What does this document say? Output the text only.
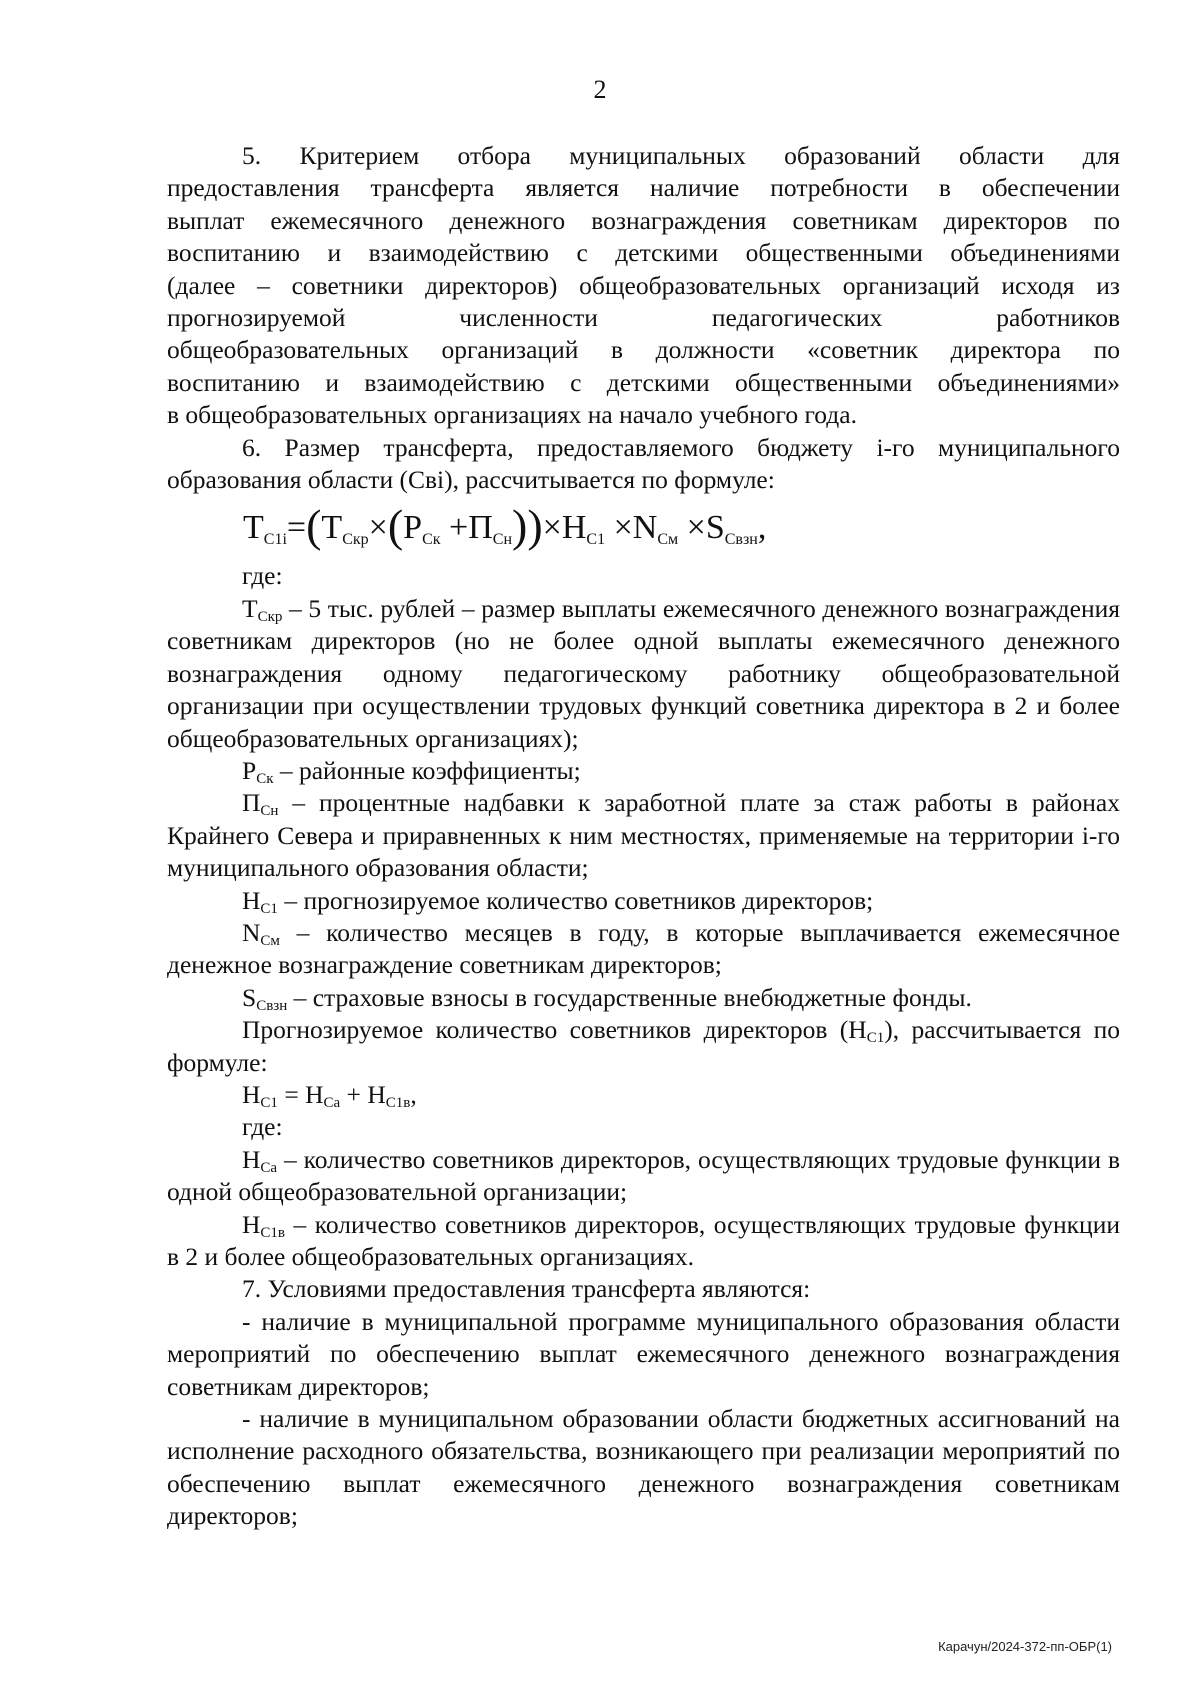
2

5. Критерием отбора муниципальных образований области для

предоставления трансферта является наличие потребности в обеспечении

выплат ежемесячного денежного вознаграждения советникам директоров по

воспитанию и взаимодействию с детскими общественными объединениями

(далее – советники директоров) общеобразовательных организаций исходя из

прогнозируемой численности педагогических работников

общеобразовательных организаций в должности «советник директора по

воспитанию и взаимодействию с детскими общественными объединениями»

в общеобразовательных организациях на начало учебного года.

6. Размер трансферта, предоставляемого бюджету i-го муниципального образования области (Свi), рассчитывается по формуле:

$T_{C1i}=(T_{Скр}\times(P_{Ск} +П_{Сн}))\times H_{C1} \times N_{См} \times S_{Свзн}$,

где:

$Т_{Скр} - 5$ тыс. рублей – размер выплаты ежемесячного денежного вознаграждения советникам директоров (но не более одной выплаты ежемесячного денежного вознаграждения одному педагогическому работнику общеобразовательной организации при осуществлении трудовых функций советника директора в 2 и более общеобразовательных организациях);

$Р_{Ск}$ – районные коэффициенты;

$П_{Сн}$ – процентные надбавки к заработной плате за стаж работы в районах Крайнего Севера и приравненных к ним местностях, применяемые на территории i-го муниципального образования области;

$Н_{С1}$ – прогнозируемое количество советников директоров;

$N_{См}$ – количество месяцев в году, в которые выплачивается ежемесячное денежное вознаграждение советникам директоров;

$S_{Свзн}$ – страховые взносы в государственные внебюджетные фонды.

Прогнозируемое количество советников директоров $(Н_{С1})$, рассчитывается по формуле:

$Н_{С1} = Н_{Са} + Н_{С1в}$,

где:

$Н_{Са}$ – количество советников директоров, осуществляющих трудовые функции в одной общеобразовательной организации;

$Н_{С1в}$ – количество советников директоров, осуществляющих трудовые функции в 2 и более общеобразовательных организациях.

7. Условиями предоставления трансферта являются:

- наличие в муниципальной программе муниципального образования области мероприятий по обеспечению выплат ежемесячного денежного вознаграждения советникам директоров;

- наличие в муниципальном образовании области бюджетных ассигнований на исполнение расходного обязательства, возникающего при реализации мероприятий по обеспечению выплат ежемесячного денежного вознаграждения советникам директоров;

Карачун/2024-372-пп-ОБР(1)
